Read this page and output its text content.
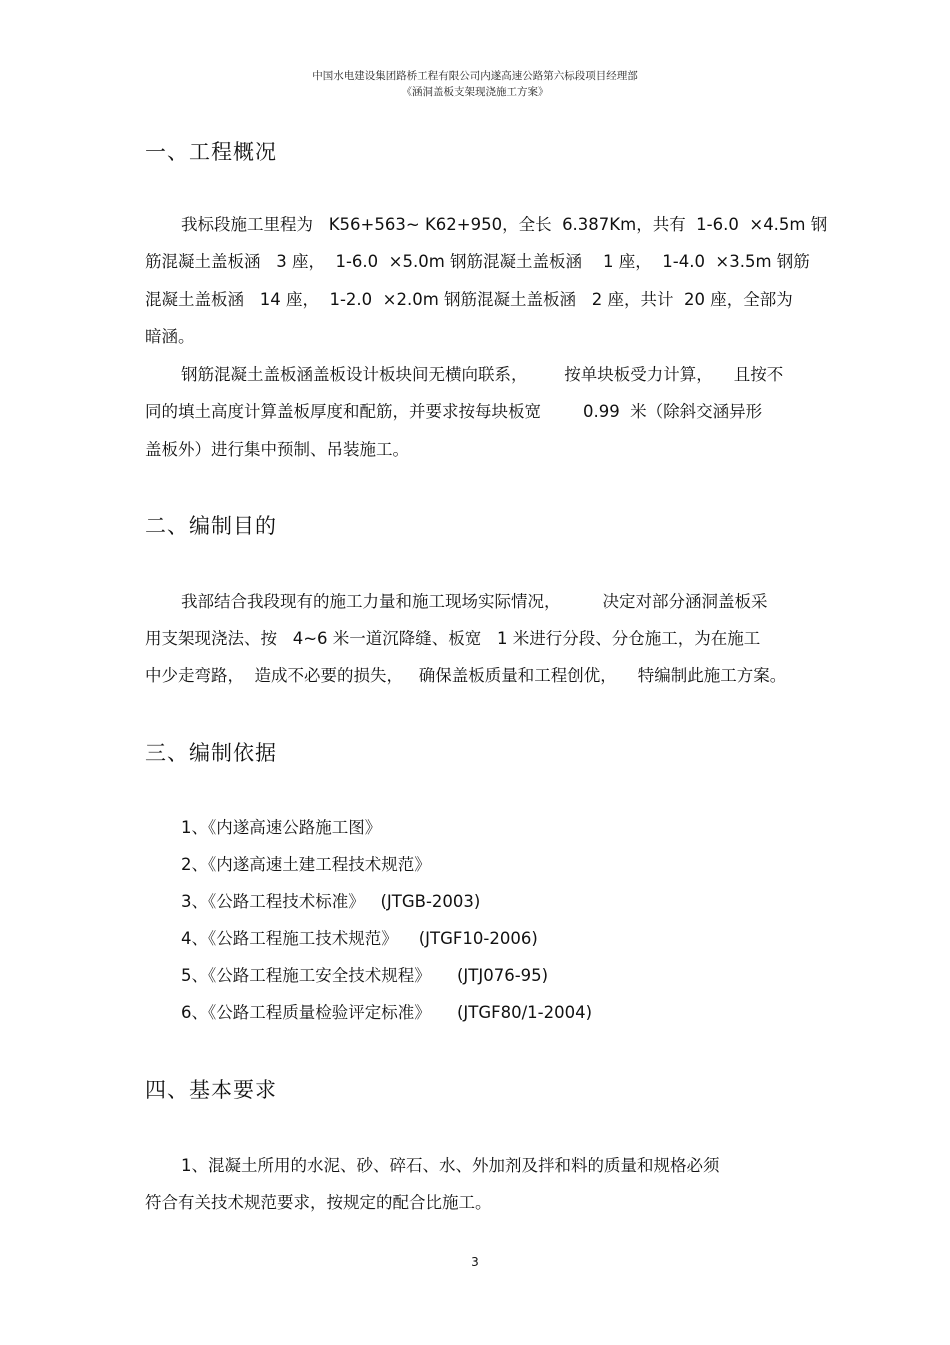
中国水电建设集团路桥工程有限公司内遂高速公路第六标段项目经理部
《涵洞盖板支架现浇施工方案》
一、工程概况
我标段施工里程为   K56+563~ K62+950，全长  6.387Km，共有  1-6.0  ×4.5m 钢
筋混凝土盖板涵   3 座，  1-6.0  ×5.0m 钢筋混凝土盖板涵    1 座，  1-4.0  ×3.5m 钢筋
混凝土盖板涵   14 座，  1-2.0  ×2.0m 钢筋混凝土盖板涵   2 座，共计  20 座，全部为
暗涵。
钢筋混凝土盖板涵盖板设计板块间无横向联系，       按单块板受力计算，    且按不
同的填土高度计算盖板厚度和配筋，并要求按每块板宽        0.99  米（除斜交涵异形
盖板外）进行集中预制、吊装施工。
二、编制目的
我部结合我段现有的施工力量和施工现场实际情况，        决定对部分涵洞盖板采
用支架现浇法、按   4~6 米一道沉降缝、板宽   1 米进行分段、分仓施工，为在施工
中少走弯路，  造成不必要的损失，   确保盖板质量和工程创优，    特编制此施工方案。
三、编制依据
1、《内遂高速公路施工图》
2、《内遂高速土建工程技术规范》
3、《公路工程技术标准》   (JTGB-2003)
4、《公路工程施工技术规范》    (JTGF10-2006)
5、《公路工程施工安全技术规程》     (JTJ076-95)
6、《公路工程质量检验评定标准》     (JTGF80/1-2004)
四、基本要求
1、混凝土所用的水泥、砂、碎石、水、外加剂及拌和料的质量和规格必须
符合有关技术规范要求，按规定的配合比施工。
3
